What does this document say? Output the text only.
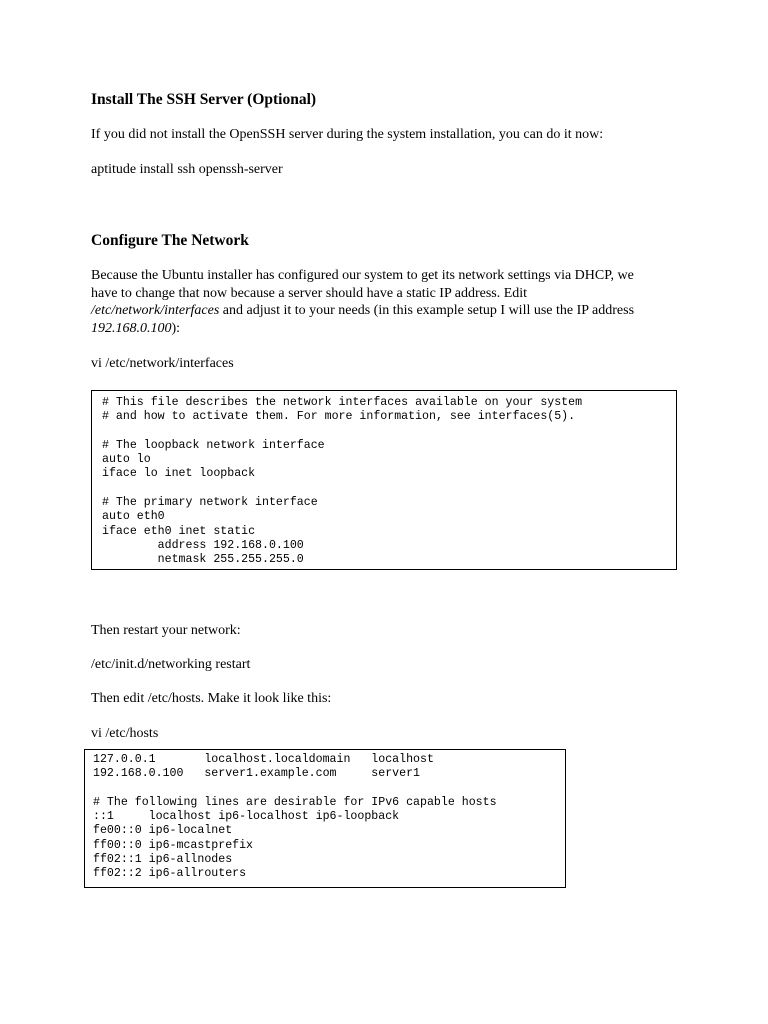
Install The SSH Server (Optional)
If you did not install the OpenSSH server during the system installation, you can do it now:
aptitude install ssh openssh-server
Configure The Network
Because the Ubuntu installer has configured our system to get its network settings via DHCP, we
have to change that now because a server should have a static IP address. Edit
/etc/network/interfaces and adjust it to your needs (in this example setup I will use the IP address
192.168.0.100):
vi /etc/network/interfaces
# This file describes the network interfaces available on your system
# and how to activate them. For more information, see interfaces(5).
# The loopback network interface
auto lo
iface lo inet loopback
# The primary network interface
auto eth0
iface eth0 inet static
address 192.168.0.100
netmask 255.255.255.0
Then restart your network:
/etc/init.d/networking restart
Then edit /etc/hosts. Make it look like this:
vi /etc/hosts
127.0.0.1       localhost.localdomain   localhost
192.168.0.100   server1.example.com     server1
# The following lines are desirable for IPv6 capable hosts
::1     localhost ip6-localhost ip6-loopback
fe00::0 ip6-localnet
ff00::0 ip6-mcastprefix
ff02::1 ip6-allnodes
ff02::2 ip6-allrouters
